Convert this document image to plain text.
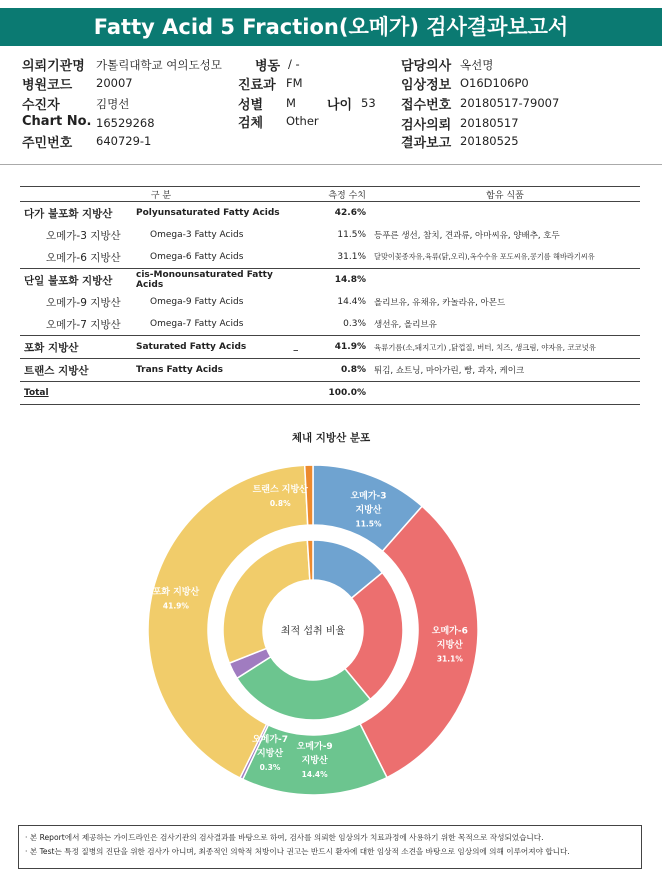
Fatty Acid 5 Fraction(오메가) 검사결과보고서
의뢰기관명 가톨릭대학교 여의도성모	병동 / -	담당의사 옥선명
병원코드 20007	진료과 FM	임상정보 O16D106P0
수진자	김명선	성별 M 나이 53 접수번호 20180517-79007
Chart No. 16529268	검체 Other	검사의뢰 20180517
주민번호 640729-1	결과보고 20180525
구 분		측정 수치	함유 식품
다가 불포화 지방산	Polyunsaturated Fatty Acids	42.6%	
오메가-3 지방산	Omega-3 Fatty Acids	11.5%	등푸른 생선, 참치, 견과류, 아마씨유, 양배추, 호두
오메가-6 지방산	Omega-6 Fatty Acids	31.1%	달맞이꽃종자유,육류(닭,오리),옥수수유 포도씨유,콩기름 해바라기씨유
단일 불포화 지방산	cis-Monounsaturated Fatty Acids	14.8%	
오메가-9 지방산	Omega-9 Fatty Acids	14.4%	올리브유, 유채유, 카놀라유, 아몬드
오메가-7 지방산	Omega-7 Fatty Acids	0.3%	생선유, 올리브유
포화 지방산	Saturated Fatty Acids _	41.9%	육류기름(소,돼지고기) ,닭껍질, 버터, 치즈, 생크림, 야자유, 코코넛유
트랜스 지방산	Trans Fatty Acids	0.8%	튀김, 쇼트닝, 마아가린, 빵, 과자, 케이크
Total		100.0%	
체내 지방산 분포
오메가-3
지방산
11.5%
오메가-6
지방산
31.1%
오메가-9
지방산
14.4%
오메가-7
지방산
0.3%
포화 지방산
41.9%
트랜스 지방산
0.8%
최적 섭취 비율
· 본 Report에서 제공하는 가이드라인은 검사기관의 검사결과를 바탕으로 하여, 검사를 의뢰한 임상의가 치료과정에 사용하기 위한 목적으로 작성되었습니다.
· 본 Test는 특정 질병의 진단을 위한 검사가 아니며, 최종적인 의학적 처방이나 권고는 반드시 환자에 대한 임상적 소견을 바탕으로 임상의에 의해 이루어져야 합니다.
